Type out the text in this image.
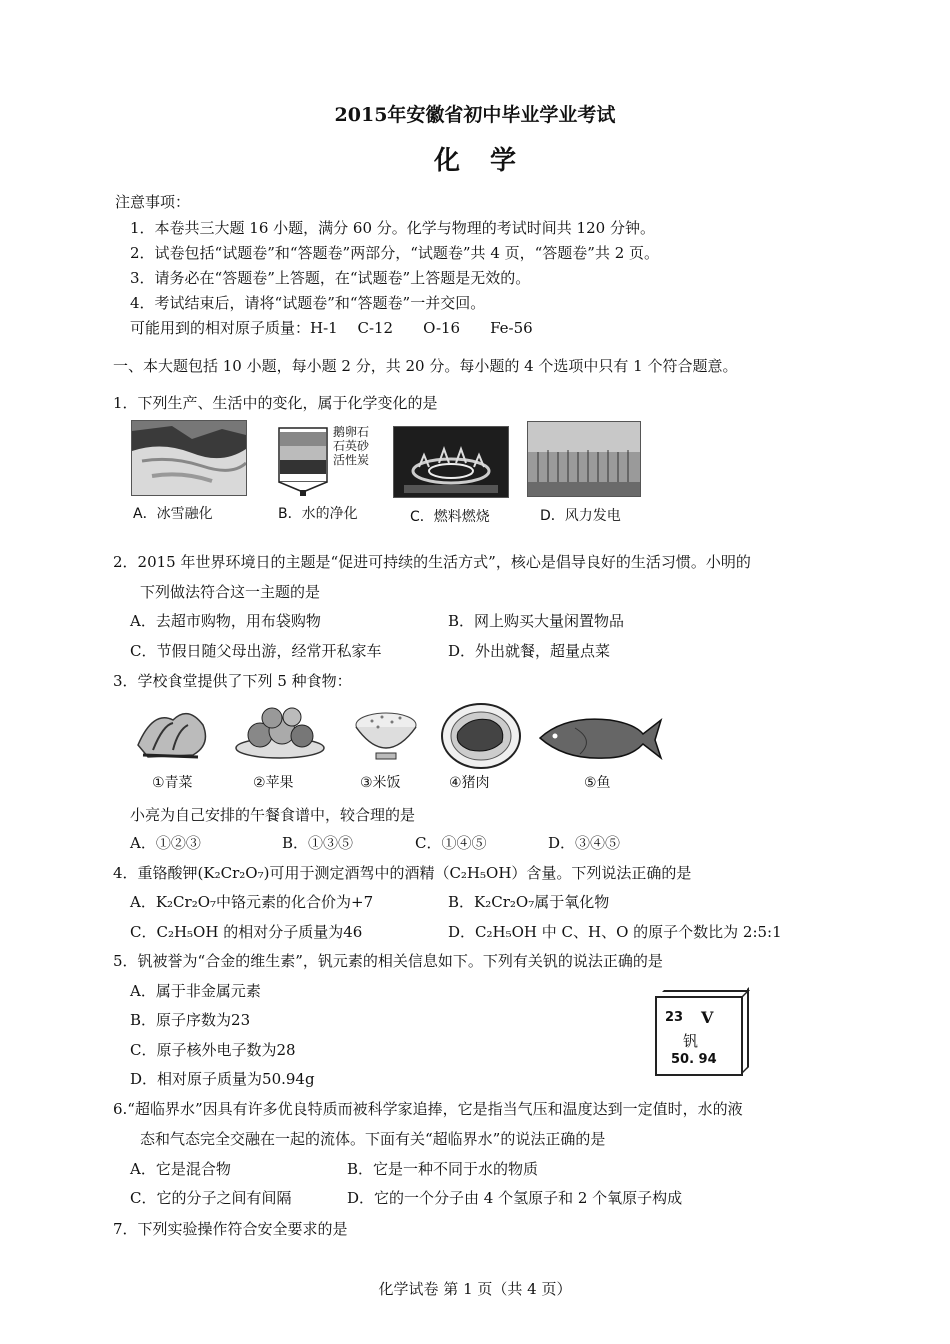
2015年安徽省初中毕业学业考试
化学
注意事项：
1．本卷共三大题 16 小题，满分 60 分。化学与物理的考试时间共 120 分钟。
2．试卷包括“试题卷”和“答题卷”两部分，“试题卷”共 4 页，“答题卷”共 2 页。
3．请务必在“答题卷”上答题，在“试题卷”上答题是无效的。
4．考试结束后，请将“试题卷”和“答题卷”一并交回。
可能用到的相对原子质量：H-1　 C-12　　O-16　　Fe-56
一、本大题包括 10 小题，每小题 2 分，共 20 分。每小题的 4 个选项中只有 1 个符合题意。
1．下列生产、生活中的变化，属于化学变化的是
鹅卵石
石英砂
活性炭
A．冰雪融化	B．水的净化	C．燃料燃烧	D．风力发电
2．2015 年世界环境日的主题是“促进可持续的生活方式”，核心是倡导良好的生活习惯。小明的
下列做法符合这一主题的是
A．去超市购物，用布袋购物	B．网上购买大量闲置物品
C．节假日随父母出游，经常开私家车	D．外出就餐，超量点菜
3．学校食堂提供了下列 5 种食物：
①青菜	②苹果	③米饭	④猪肉	⑤鱼
小亮为自己安排的午餐食谱中，较合理的是
A．①②③	B．①③⑤	C．①④⑤	D．③④⑤
4．重铬酸钾(K₂Cr₂O₇)可用于测定酒驾中的酒精（C₂H₅OH）含量。下列说法正确的是
A．K₂Cr₂O₇中铬元素的化合价为+7	B．K₂Cr₂O₇属于氧化物
C．C₂H₅OH 的相对分子质量为46	D．C₂H₅OH 中 C、H、O 的原子个数比为 2:5:1
5．钒被誉为“合金的维生素”，钒元素的相关信息如下。下列有关钒的说法正确的是
A．属于非金属元素
B．原子序数为23
C．原子核外电子数为28
D．相对原子质量为50.94g
23 V
钒
50. 94
6.“超临界水”因具有许多优良特质而被科学家追捧，它是指当气压和温度达到一定值时，水的液
态和气态完全交融在一起的流体。下面有关“超临界水”的说法正确的是
A．它是混合物	B．它是一种不同于水的物质
C．它的分子之间有间隔	D．它的一个分子由 4 个氢原子和 2 个氧原子构成
7．下列实验操作符合安全要求的是
化学试卷 第 1 页（共 4 页）
